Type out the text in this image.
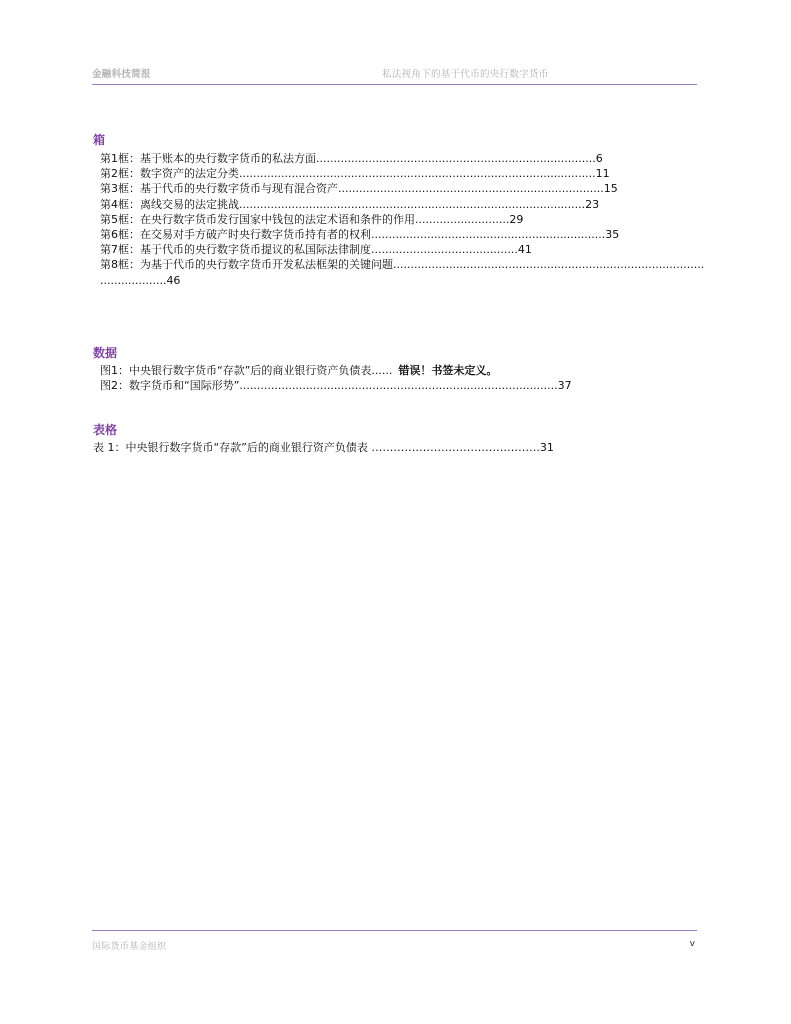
金融科技简报	私法视角下的基于代币的央行数字货币
箱
第1框：基于账本的央行数字货币的私法方面................................................................................6
第2框：数字资产的法定分类......................................................................................................11
第3框：基于代币的央行数字货币与现有混合资产............................................................................15
第4框：离线交易的法定挑战...................................................................................................23
第5框：在央行数字货币发行国家中钱包的法定术语和条件的作用...........................29
第6框：在交易对手方破产时央行数字货币持有者的权利...................................................................35
第7框：基于代币的央行数字货币提议的私国际法律制度..........................................41
第8框：为基于代币的央行数字货币开发私法框架的关键问题.........................................................................................
...................46
数据
图1：中央银行数字货币“存款”后的商业银行资产负债表...... 错误！书签未定义。
图2：数字货币和“国际形势”...........................................................................................37
表格
表 1：中央银行数字货币“存款”后的商业银行资产负债表 ……………………………………….31
国际货币基金组织	v
